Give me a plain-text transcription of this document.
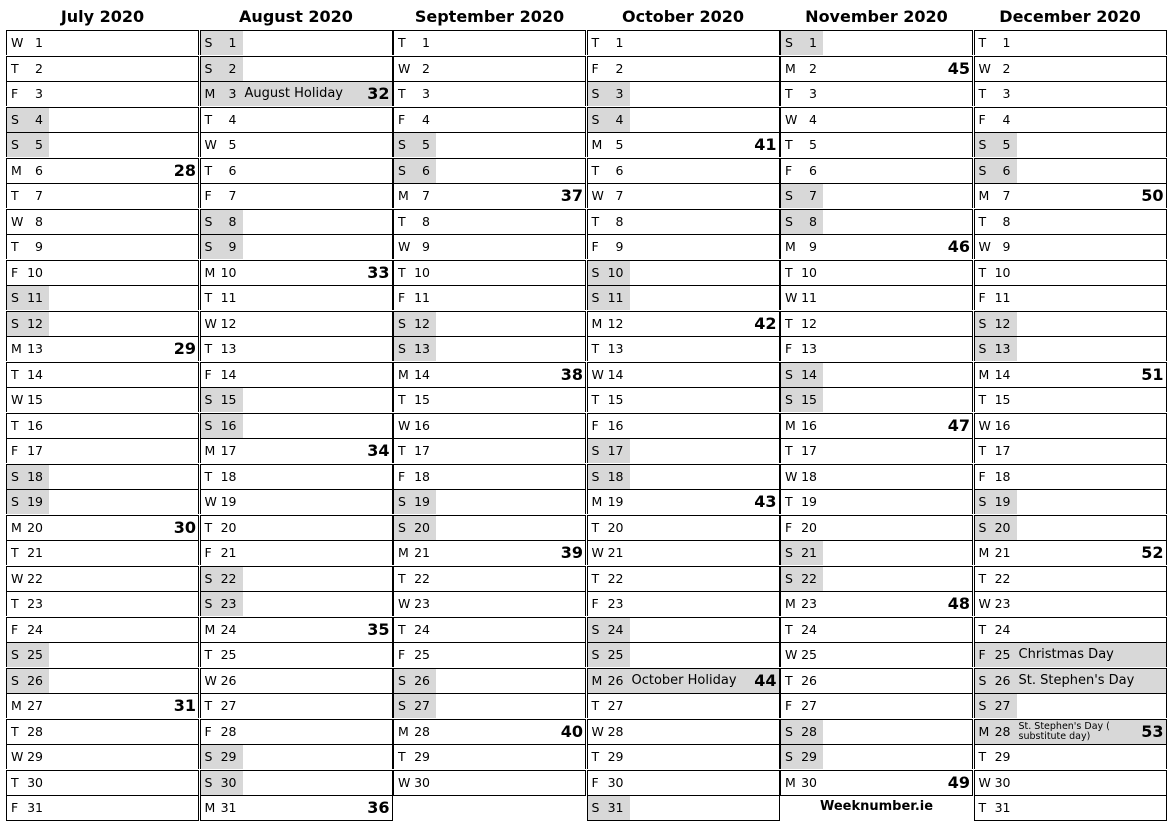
July 2020
W 1
T	2
F	3
S	4
S	5
M	6	28
T	7
W 8
T	9
F 10
S 11
S 12
M 13	29
T 14
W 15
T 16
F 17
S 18
S 19
M 20	30
T 21
W 22
T 23
F 24
S 25
S 26
M 27	31
T 28
W 29
T 30
F 31
August 2020
S	1
S	2
M	3 August Holiday 32
T	4
W 5
T	6
F	7
S	8
S	9
M 10	33
T 11
W 12
T 13
F 14
S 15
S 16
M 17	34
T 18
W 19
T 20
F 21
S 22
S 23
M 24	35
T 25
W 26
T 27
F 28
S 29
S 30
M 31	36
September 2020
T	1
W 2
T	3
F	4
S	5
S	6
M	7	37
T	8
W 9
T 10
F 11
S 12
S 13
M 14	38
T 15
W 16
T 17
F 18
S 19
S 20
M 21	39
T 22
W 23
T 24
F 25
S 26
S 27
M 28	40
T 29
W 30
October 2020
T	1
F	2
S	3
S	4
M	5	41
T	6
W 7
T	8
F	9
S 10
S 11
M 12	42
T 13
W 14
T 15
F 16
S 17
S 18
M 19	43
T 20
W 21
T 22
F 23
S 24
S 25
M 26 October Holiday 44
T 27
W 28
T 29
F 30
S 31
November 2020
S	1
M	2	45
T	3
W 4
T	5
F	6
S	7
S	8
M	9	46
T 10
W 11
T 12
F 13
S 14
S 15
M 16	47
T 17
W 18
T 19
F 20
S 21
S 22
M 23	48
T 24
W 25
T 26
F 27
S 28
S 29
M 30	49
Weeknumber.ie
December 2020
T	1
W 2
T	3
F	4
S	5
S	6
M	7	50
T	8
W 9
T 10
F 11
S 12
S 13
M 14	51
T 15
W 16
T 17
F 18
S 19
S 20
M 21	52
T 22
W 23
T 24
F 25 Christmas Day
S 26 St. Stephen's Day
S 27
M 28 St. Stephen's Day ( substitute day)	53
T 29
W 30
T 31
